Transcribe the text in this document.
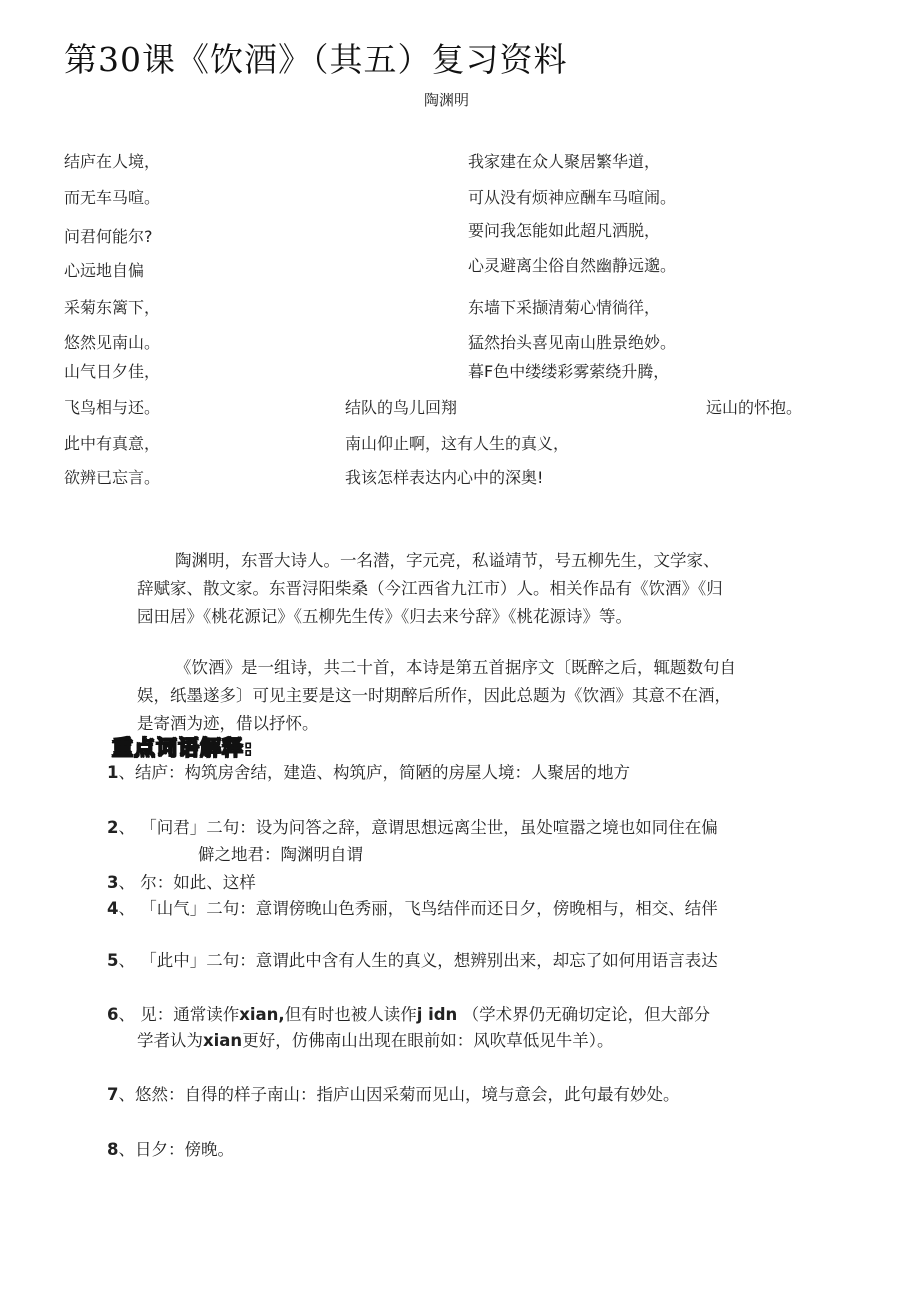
第30课《饮酒》（其五）复习资料
陶渊明
结庐在人境，
而无车马喧。
问君何能尔?
心远地自偏
采菊东篱下，
悠然见南山。
山气日夕佳，
飞鸟相与还。
此中有真意，
欲辨已忘言。
我家建在众人聚居繁华道，
可从没有烦神应酬车马喧闹。
要问我怎能如此超凡洒脱，
心灵避离尘俗自然幽静远邈。
东墙下采撷清菊心情徜徉，
猛然抬头喜见南山胜景绝妙。
暮F色中缕缕彩雾萦绕升腾，
结队的鸟儿回翔	远山的怀抱。
南山仰止啊，这有人生的真义，
我该怎样表达内心中的深奥!
陶渊明，东晋大诗人。一名潜，字元亮，私谥靖节，号五柳先生，文学家、
辞赋家、散文家。东晋浔阳柴桑（今江西省九江市）人。相关作品有《饮酒》《归
园田居》《桃花源记》《五柳先生传》《归去来兮辞》《桃花源诗》等。
《饮酒》是一组诗，共二十首，本诗是第五首据序文〔既醉之后，辄题数句自
娱，纸墨遂多〕可见主要是这一时期醉后所作，因此总题为《饮酒》其意不在酒，
是寄酒为迹，借以抒怀。
重点词语解释:
1、结庐：构筑房舍结，建造、构筑庐，简陋的房屋人境：人聚居的地方
2、 「问君」二句：设为问答之辞，意谓思想远离尘世，虽处喧嚣之境也如同住在偏
僻之地君：陶渊明自谓
3、 尔：如此、这样
4、 「山气」二句：意谓傍晚山色秀丽，飞鸟结伴而还日夕，傍晚相与，相交、结伴
5、 「此中」二句：意谓此中含有人生的真义，想辨别出来，却忘了如何用语言表达
6、 见：通常读作xian,但有时也被人读作j idn （学术界仍无确切定论，但大部分
学者认为xian更好，仿佛南山出现在眼前如：风吹草低见牛羊）。
7、悠然：自得的样子南山：指庐山因采菊而见山，境与意会，此句最有妙处。
8、日夕：傍晚。
